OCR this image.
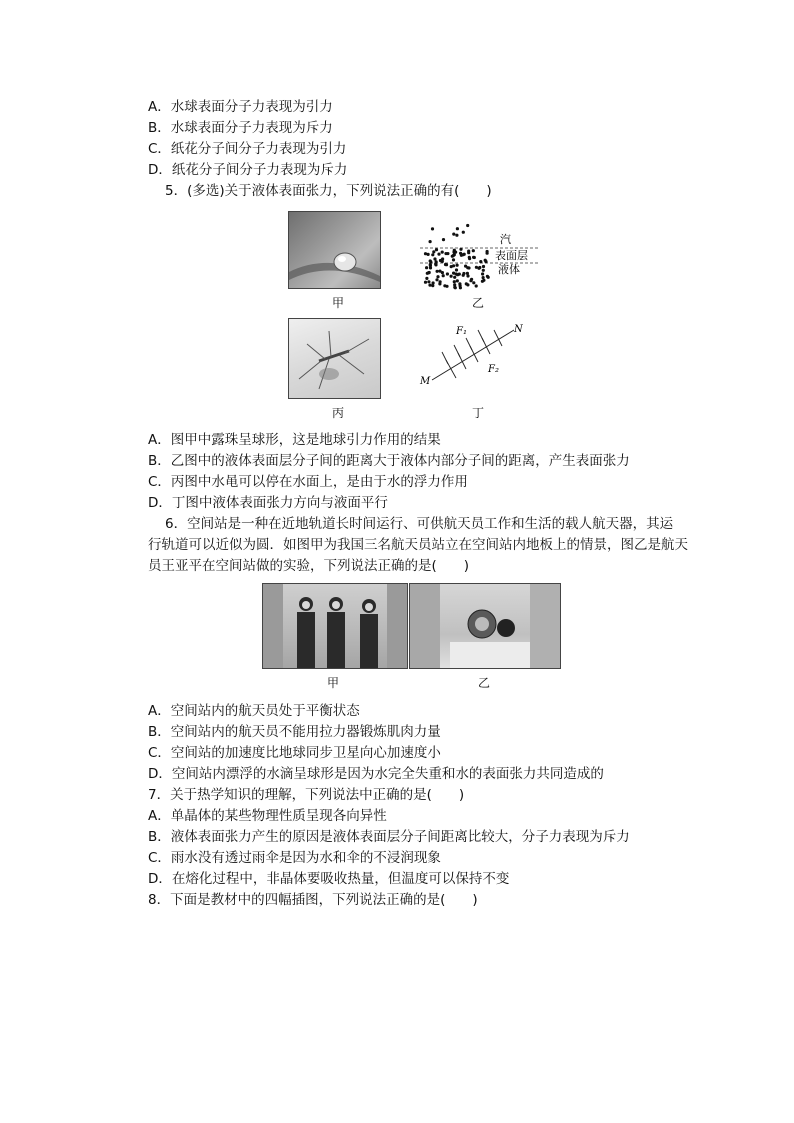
A．水球表面分子力表现为引力
B．水球表面分子力表现为斥力
C．纸花分子间分子力表现为引力
D．纸花分子间分子力表现为斥力
5．(多选)关于液体表面张力，下列说法正确的有(　　)
甲
汽
表面层
液体
乙
丙
F₁
F₂
M
N
丁
A．图甲中露珠呈球形，这是地球引力作用的结果
B．乙图中的液体表面层分子间的距离大于液体内部分子间的距离，产生表面张力
C．丙图中水黾可以停在水面上，是由于水的浮力作用
D．丁图中液体表面张力方向与液面平行
6．空间站是一种在近地轨道长时间运行、可供航天员工作和生活的载人航天器，其运
行轨道可以近似为圆．如图甲为我国三名航天员站立在空间站内地板上的情景，图乙是航天
员王亚平在空间站做的实验，下列说法正确的是(　　)
甲	乙
A．空间站内的航天员处于平衡状态
B．空间站内的航天员不能用拉力器锻炼肌肉力量
C．空间站的加速度比地球同步卫星向心加速度小
D．空间站内漂浮的水滴呈球形是因为水完全失重和水的表面张力共同造成的
7．关于热学知识的理解，下列说法中正确的是(　　)
A．单晶体的某些物理性质呈现各向异性
B．液体表面张力产生的原因是液体表面层分子间距离比较大，分子力表现为斥力
C．雨水没有透过雨伞是因为水和伞的不浸润现象
D．在熔化过程中，非晶体要吸收热量，但温度可以保持不变
8．下面是教材中的四幅插图，下列说法正确的是(　　)
